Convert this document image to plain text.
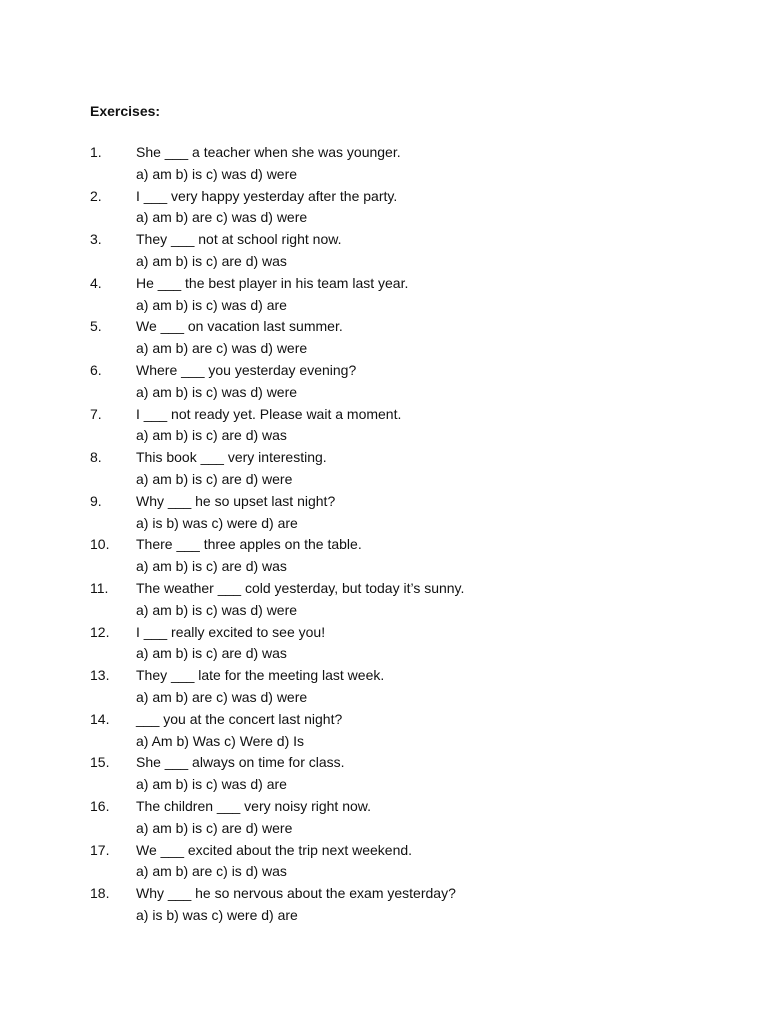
Exercises:
1. She ___ a teacher when she was younger.
a) am b) is c) was d) were
2. I ___ very happy yesterday after the party.
a) am b) are c) was d) were
3. They ___ not at school right now.
a) am b) is c) are d) was
4. He ___ the best player in his team last year.
a) am b) is c) was d) are
5. We ___ on vacation last summer.
a) am b) are c) was d) were
6. Where ___ you yesterday evening?
a) am b) is c) was d) were
7. I ___ not ready yet. Please wait a moment.
a) am b) is c) are d) was
8. This book ___ very interesting.
a) am b) is c) are d) were
9. Why ___ he so upset last night?
a) is b) was c) were d) are
10. There ___ three apples on the table.
a) am b) is c) are d) was
11. The weather ___ cold yesterday, but today it’s sunny.
a) am b) is c) was d) were
12. I ___ really excited to see you!
a) am b) is c) are d) was
13. They ___ late for the meeting last week.
a) am b) are c) was d) were
14. ___ you at the concert last night?
a) Am b) Was c) Were d) Is
15. She ___ always on time for class.
a) am b) is c) was d) are
16. The children ___ very noisy right now.
a) am b) is c) are d) were
17. We ___ excited about the trip next weekend.
a) am b) are c) is d) was
18. Why ___ he so nervous about the exam yesterday?
a) is b) was c) were d) are
